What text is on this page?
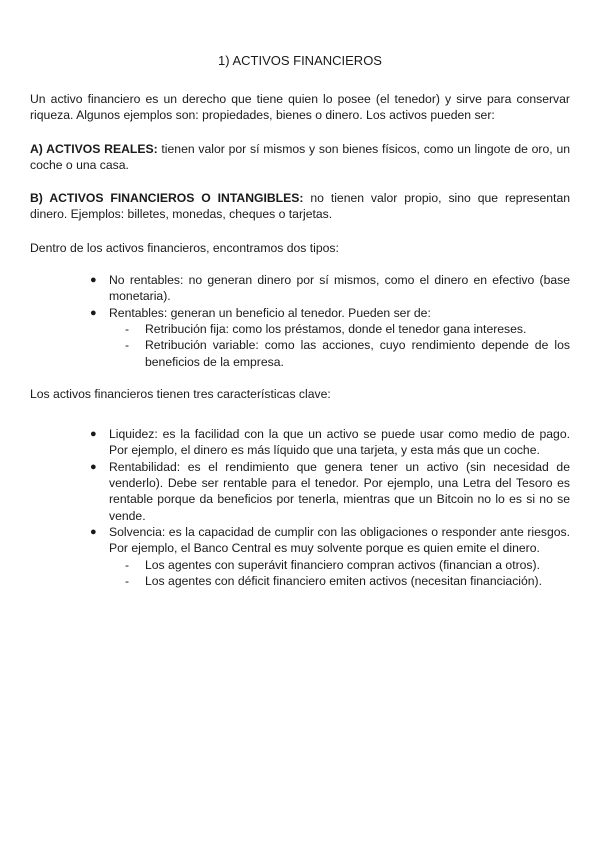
1) ACTIVOS FINANCIEROS

Un activo financiero es un derecho que tiene quien lo posee (el tenedor) y sirve para conservar riqueza. Algunos ejemplos son: propiedades, bienes o dinero. Los activos pueden ser:

A) ACTIVOS REALES: tienen valor por sí mismos y son bienes físicos, como un lingote de oro, un coche o una casa.

B) ACTIVOS FINANCIEROS O INTANGIBLES: no tienen valor propio, sino que representan dinero. Ejemplos: billetes, monedas, cheques o tarjetas.

Dentro de los activos financieros, encontramos dos tipos:

● No rentables: no generan dinero por sí mismos, como el dinero en efectivo (base monetaria).
● Rentables: generan un beneficio al tenedor. Pueden ser de:
- Retribución fija: como los préstamos, donde el tenedor gana intereses.
- Retribución variable: como las acciones, cuyo rendimiento depende de los beneficios de la empresa.

Los activos financieros tienen tres características clave:

● Liquidez: es la facilidad con la que un activo se puede usar como medio de pago. Por ejemplo, el dinero es más líquido que una tarjeta, y esta más que un coche.
● Rentabilidad: es el rendimiento que genera tener un activo (sin necesidad de venderlo). Debe ser rentable para el tenedor. Por ejemplo, una Letra del Tesoro es rentable porque da beneficios por tenerla, mientras que un Bitcoin no lo es si no se vende.
● Solvencia: es la capacidad de cumplir con las obligaciones o responder ante riesgos. Por ejemplo, el Banco Central es muy solvente porque es quien emite el dinero.
- Los agentes con superávit financiero compran activos (financian a otros).
- Los agentes con déficit financiero emiten activos (necesitan financiación).
